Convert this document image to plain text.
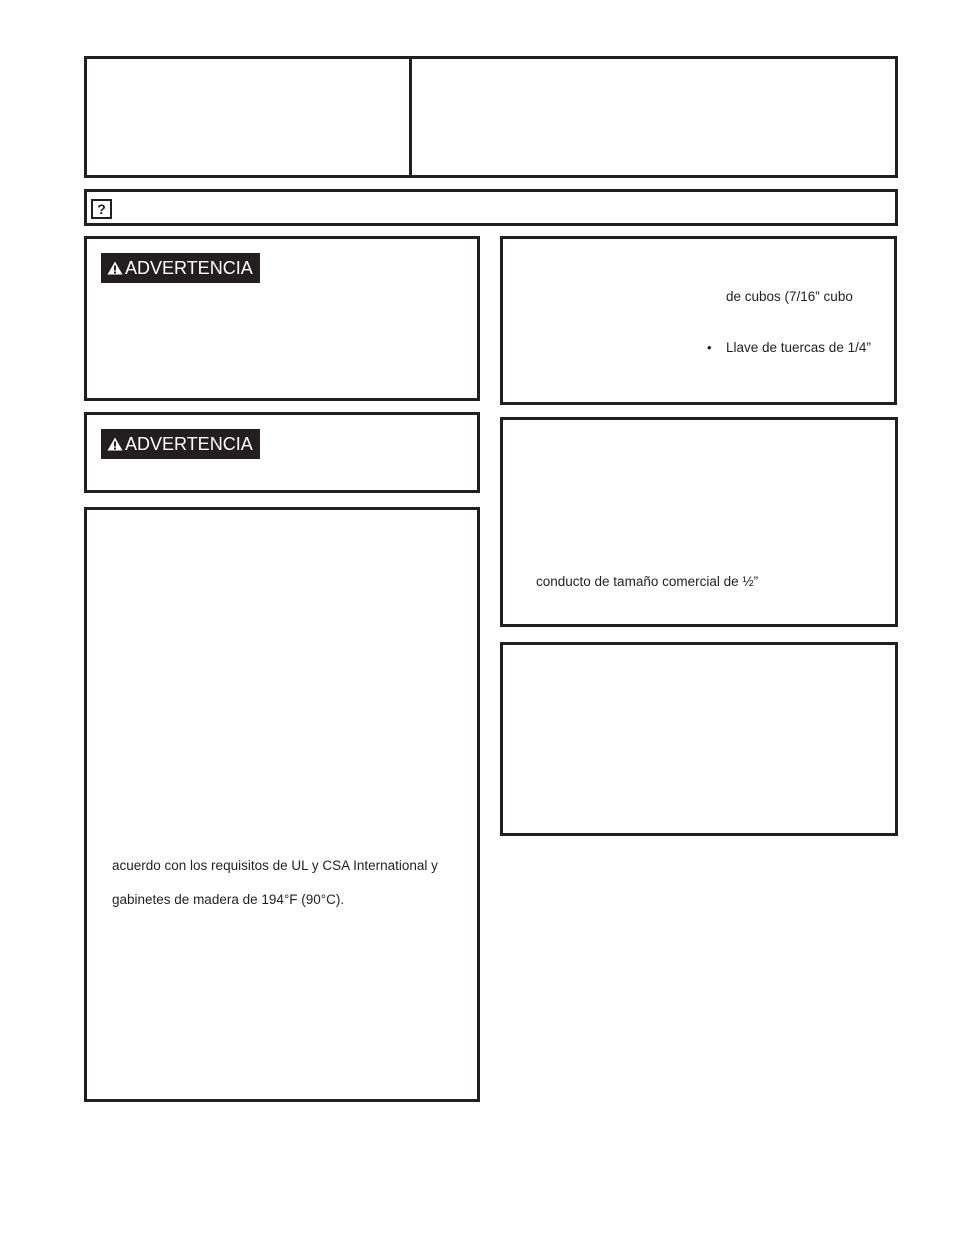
?
ADVERTENCIA
ADVERTENCIA
acuerdo con los requisitos de UL y CSA International y
gabinetes de madera de 194°F (90°C).
de cubos (7/16” cubo
• Llave de tuercas de 1/4”
conducto de tamaño comercial de ½”
